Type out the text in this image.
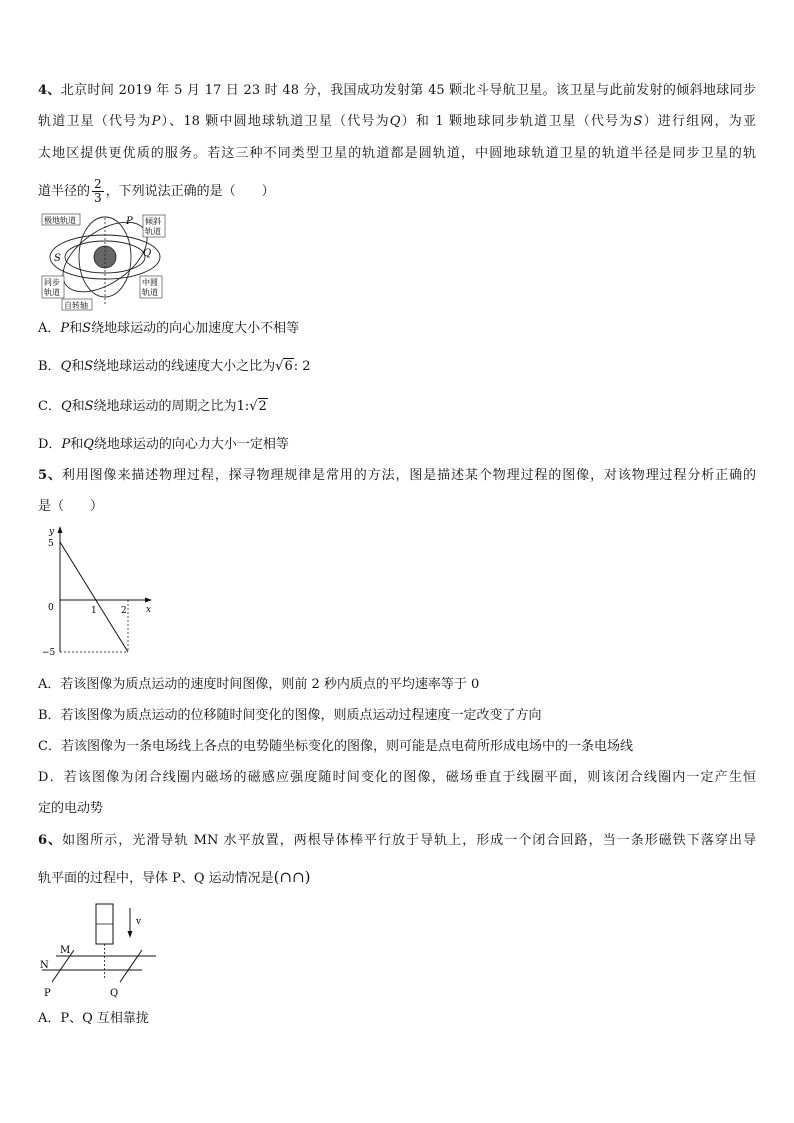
4、北京时间 2019 年 5 月 17 日 23 时 48 分，我国成功发射第 45 颗北斗导航卫星。该卫星与此前发射的倾斜地球同步
轨道卫星（代号为P）、18 颗中圆地球轨道卫星（代号为Q）和 1 颗地球同步轨道卫星（代号为S）进行组网，为亚
太地区提供更优质的服务。若这三种不同类型卫星的轨道都是圆轨道，中圆地球轨道卫星的轨道半径是同步卫星的轨
道半径的 $\frac{2}{3}$ ，下列说法正确的是（　　）
极地轨道	P 倾斜
轨道
S	Q
同步
轨道
中圆
轨道
自转轴
A．P和S绕地球运动的向心加速度大小不相等
B．Q和S绕地球运动的线速度大小之比为√6: 2
C．Q和S绕地球运动的周期之比为1:√2
D．P和Q绕地球运动的向心力大小一定相等
5、利用图像来描述物理过程，探寻物理规律是常用的方法，图是描述某个物理过程的图像，对该物理过程分析正确的
是（　　）
y
x
5
0
−5
1	2
A．若该图像为质点运动的速度时间图像，则前 2 秒内质点的平均速率等于 0
B．若该图像为质点运动的位移随时间变化的图像，则质点运动过程速度一定改变了方向
C．若该图像为一条电场线上各点的电势随坐标变化的图像，则可能是点电荷所形成电场中的一条电场线
D．若该图像为闭合线圈内磁场的磁感应强度随时间变化的图像，磁场垂直于线圈平面，则该闭合线圈内一定产生恒
定的电动势
6、如图所示，光滑导轨 MN 水平放置，两根导体棒平行放于导轨上，形成一个闭合回路，当一条形磁铁下落穿出导
轨平面的过程中，导体 P、Q 运动情况是(∩∩)
v
M
N
P	Q
A．P、Q 互相靠拢
